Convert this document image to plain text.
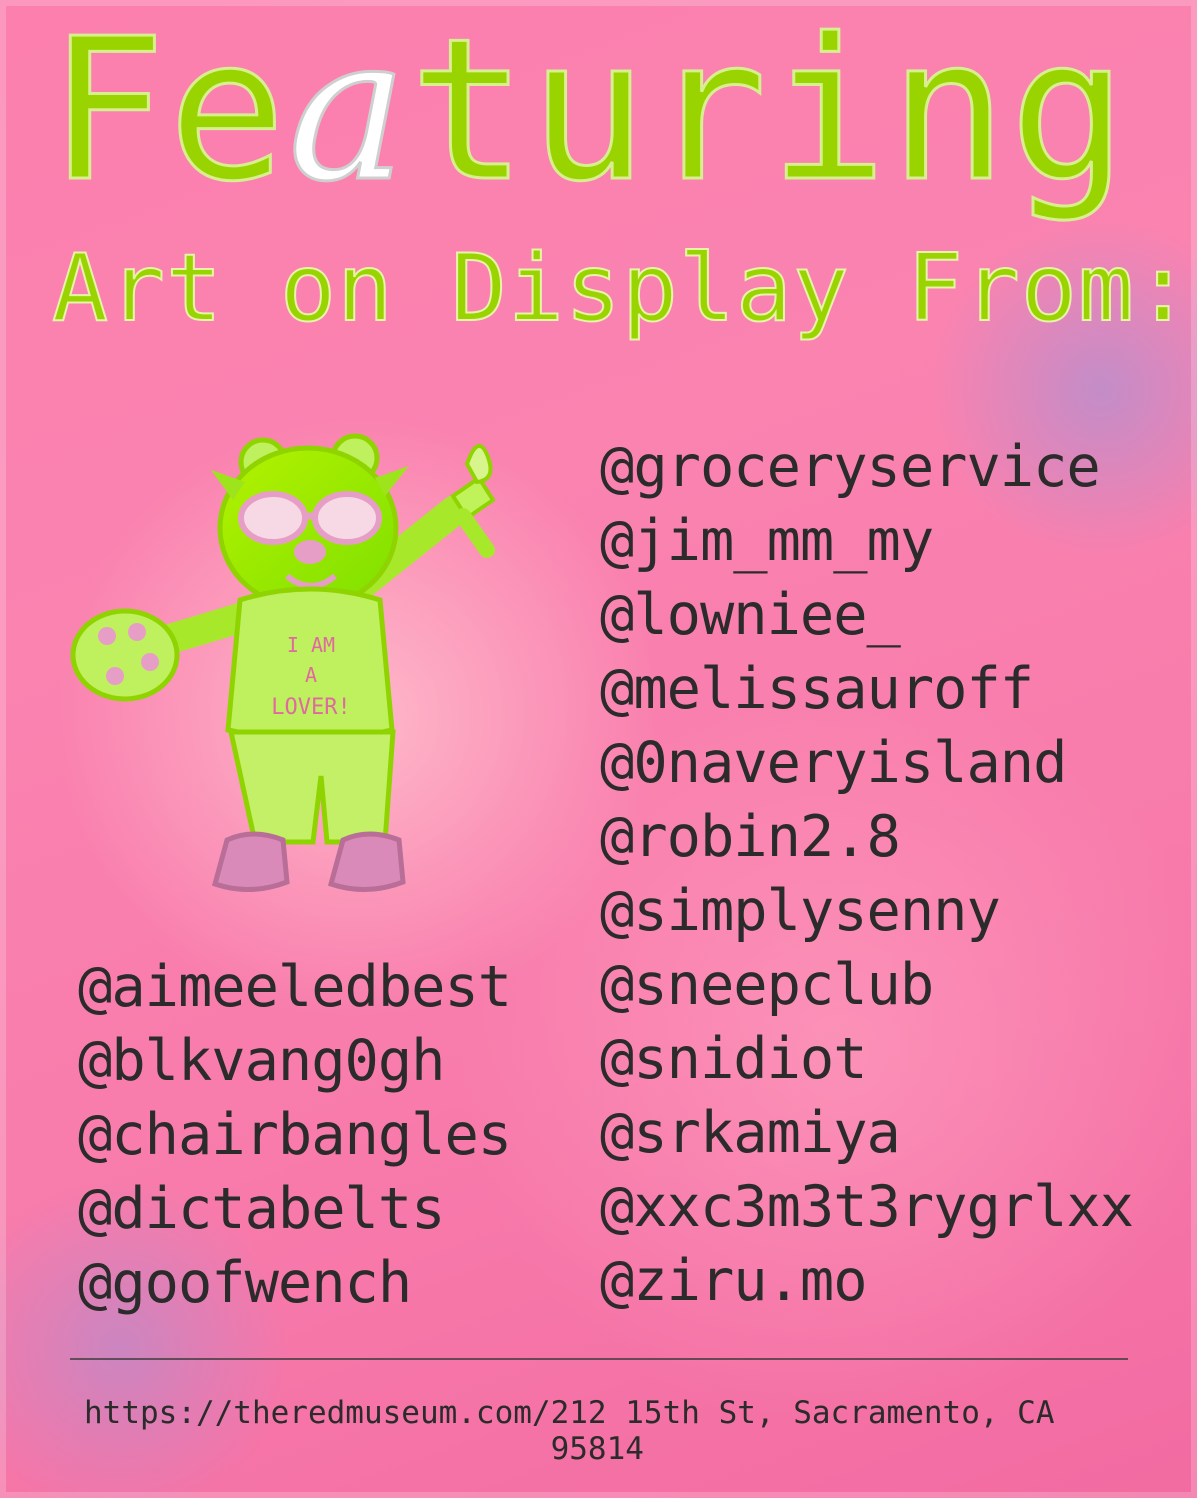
Featuring
Art on Display From:
I AM
A
LOVER!
@aimeeledbest
@blkvang0gh
@chairbangles
@dictabelts
@goofwench
@groceryservice
@jim_mm_my
@lowniee_
@melissauroff
@0naveryisland
@robin2.8
@simplysenny
@sneepclub
@snidiot
@srkamiya
@xxc3m3t3rygrlxx
@ziru.mo
https://theredmuseum.com/ 212 15th St, Sacramento, CA 95814
